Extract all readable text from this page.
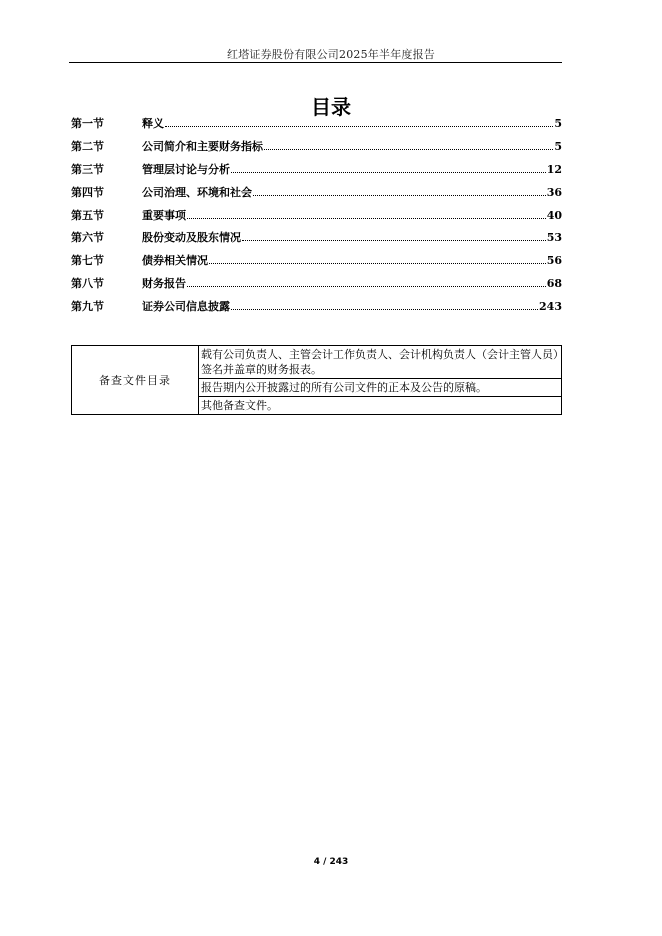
红塔证券股份有限公司2025年半年度报告
目录
第一节	释义	5
第二节	公司简介和主要财务指标	5
第三节	管理层讨论与分析	12
第四节	公司治理、环境和社会	36
第五节	重要事项	40
第六节	股份变动及股东情况	53
第七节	债券相关情况	56
第八节	财务报告	68
第九节	证券公司信息披露	243
备查文件目录	载有公司负责人、主管会计工作负责人、会计机构负责人（会计主管人员）签名并盖章的财务报表。
报告期内公开披露过的所有公司文件的正本及公告的原稿。
其他备查文件。
4 / 243
